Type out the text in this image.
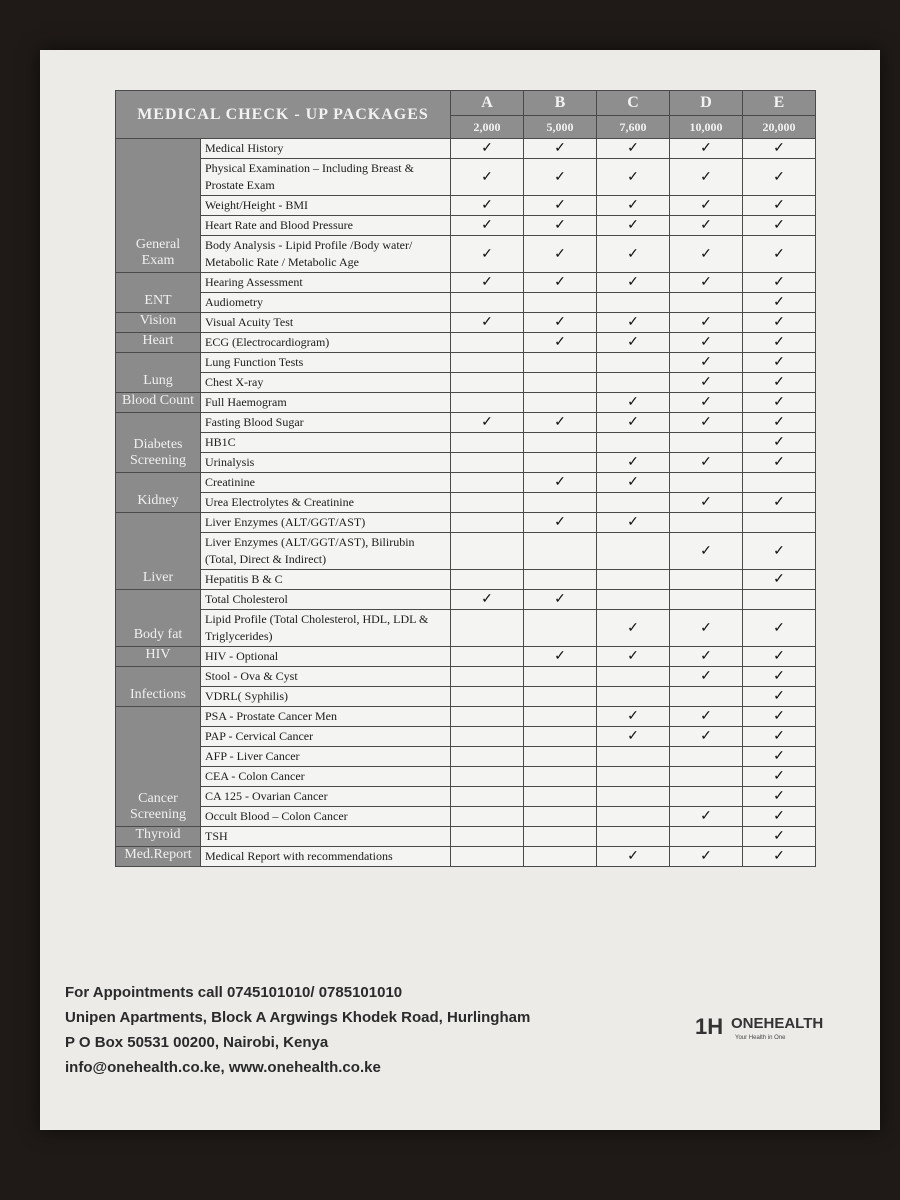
MEDICAL CHECK - UP PACKAGES		A	B	C	D	E
		2,000	5,000	7,600	10,000	20,000
General Exam	Medical History	✓	✓	✓	✓	✓
	Physical Examination – Including Breast & Prostate Exam	✓	✓	✓	✓	✓
	Weight/Height - BMI	✓	✓	✓	✓	✓
	Heart Rate and Blood Pressure	✓	✓	✓	✓	✓
	Body Analysis - Lipid Profile /Body water/ Metabolic Rate / Metabolic Age	✓	✓	✓	✓	✓
ENT	Hearing Assessment	✓	✓	✓	✓	✓
	Audiometry					✓
Vision	Visual Acuity Test	✓	✓	✓	✓	✓
Heart	ECG (Electrocardiogram)		✓	✓	✓	✓
Lung	Lung Function Tests				✓	✓
	Chest X-ray				✓	✓
Blood Count	Full Haemogram			✓	✓	✓
Diabetes Screening	Fasting Blood Sugar	✓	✓	✓	✓	✓
	HB1C					✓
	Urinalysis			✓	✓	✓
Kidney	Creatinine		✓	✓		
	Urea Electrolytes & Creatinine				✓	✓
Liver	Liver Enzymes (ALT/GGT/AST)		✓	✓		
	Liver Enzymes (ALT/GGT/AST), Bilirubin (Total, Direct & Indirect)				✓	✓
	Hepatitis B & C					✓
Body fat	Total Cholesterol	✓	✓			
	Lipid Profile (Total Cholesterol, HDL, LDL & Triglycerides)			✓	✓	✓
HIV	HIV - Optional		✓	✓	✓	✓
Infections	Stool - Ova & Cyst				✓	✓
	VDRL( Syphilis)					✓
Cancer Screening	PSA - Prostate Cancer Men			✓	✓	✓
	PAP - Cervical Cancer			✓	✓	✓
	AFP - Liver Cancer					✓
	CEA - Colon Cancer					✓
	CA 125 - Ovarian Cancer					✓
	Occult Blood – Colon Cancer				✓	✓
Thyroid	TSH					✓
Med.Report	Medical Report with recommendations			✓	✓	✓
For Appointments call 0745101010/ 0785101010
Unipen Apartments, Block A Argwings Khodek Road, Hurlingham
P O Box 50531 00200, Nairobi, Kenya
info@onehealth.co.ke, www.onehealth.co.ke
1H ONEHEALTH
Your Health in One
